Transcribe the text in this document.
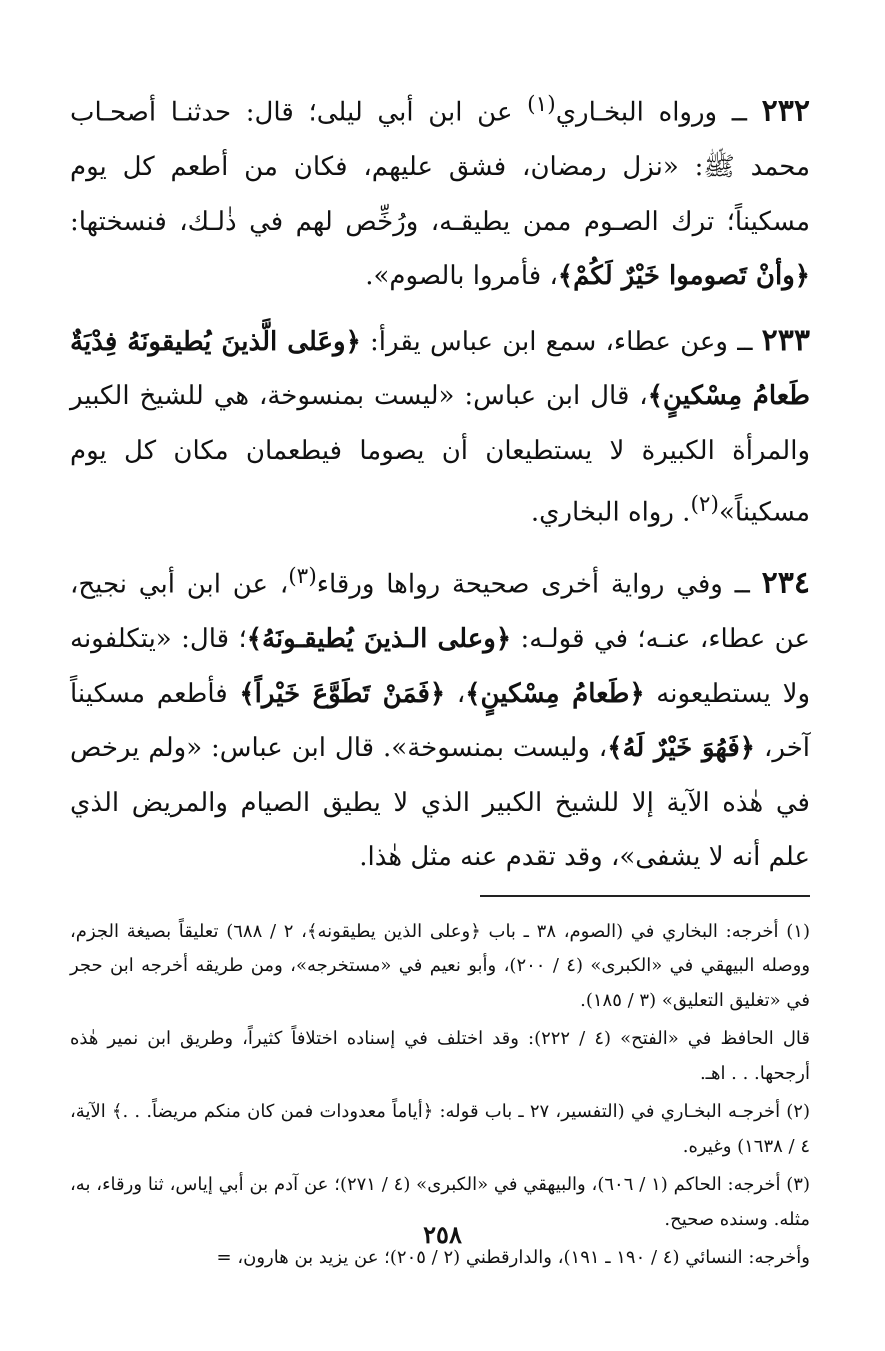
٢٣٢ ــ ورواه البخـاري$^{(١)}$ عن ابن أبي ليلى؛ قال: حدثنـا أصحـاب محمد ﷺ: «نزل رمضان، فشق عليهم، فكان من أطعم كل يوم مسكيناً؛ ترك الصـوم ممن يطيقـه، ورُخِّص لهم في ذٰلـك، فنسختها: ﴿وأنْ تَصوموا خَيْرٌ لَكُمْ﴾، فأمروا بالصوم».

٢٣٣ ــ وعن عطاء، سمع ابن عباس يقرأ: ﴿وعَلى الَّذينَ يُطيقونَهُ فِدْيَةٌ طَعامُ مِسْكينٍ﴾، قال ابن عباس: «ليست بمنسوخة، هي للشيخ الكبير والمرأة الكبيرة لا يستطيعان أن يصوما فيطعمان مكان كل يوم مسكيناً»$^{(٢)}$. رواه البخاري.

٢٣٤ ــ وفي رواية أخرى صحيحة رواها ورقاء$^{(٣)}$، عن ابن أبي نجيح، عن عطاء، عنـه؛ في قولـه: ﴿وعلى الـذينَ يُطيقـونَهُ﴾؛ قال: «يتكلفونه ولا يستطيعونه ﴿طَعامُ مِسْكينٍ﴾، ﴿فَمَنْ تَطَوَّعَ خَيْراً﴾ فأطعم مسكيناً آخر، ﴿فَهُوَ خَيْرٌ لَهُ﴾، وليست بمنسوخة». قال ابن عباس: «ولم يرخص في هٰذه الآية إلا للشيخ الكبير الذي لا يطيق الصيام والمريض الذي علم أنه لا يشفى»، وقد تقدم عنه مثل هٰذا.

(١) أخرجه: البخاري في (الصوم، ٣٨ ـ باب ﴿وعلى الذين يطيقونه﴾، ٢ / ٦٨٨) تعليقاً بصيغة الجزم، ووصله البيهقي في «الكبرى» (٤ / ٢٠٠)، وأبو نعيم في «مستخرجه»، ومن طريقه أخرجه ابن حجر في «تغليق التعليق» (٣ / ١٨٥).

قال الحافظ في «الفتح» (٤ / ٢٢٢): وقد اختلف في إسناده اختلافاً كثيراً، وطريق ابن نمير هٰذه أرجحها. . . اهـ.

(٢) أخرجـه البخـاري في (التفسير، ٢٧ ـ باب قوله: ﴿أياماً معدودات فمن كان منكم مريضاً. . .﴾ الآية، ٤ / ١٦٣٨) وغيره.

(٣) أخرجه: الحاكم (١ / ٦٠٦)، والبيهقي في «الكبرى» (٤ / ٢٧١)؛ عن آدم بن أبي إياس، ثنا ورقاء، به، مثله. وسنده صحيح.

وأخرجه: النسائي (٤ / ١٩٠ ـ ١٩١)، والدارقطني (٢ / ٢٠٥)؛ عن يزيد بن هارون، =

٢٥٨
